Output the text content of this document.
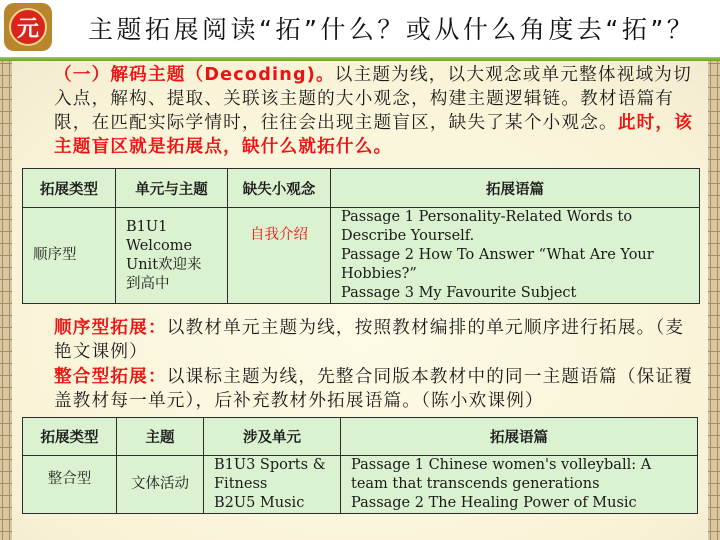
元	主题拓展阅读“拓”什么？或从什么角度去“拓”？
（一）解码主题（Decoding)。以主题为线，以大观念或单元整体视域为切入点，解构、提取、关联该主题的大小观念，构建主题逻辑链。教材语篇有限，在匹配实际学情时，往往会出现主题盲区，缺失了某个小观念。此时，该主题盲区就是拓展点，缺什么就拓什么。
拓展类型	单元与主题	缺失小观念	拓展语篇
顺序型	B1U1
Welcome
Unit欢迎来
到高中	自我介绍	Passage 1 Personality-Related Words to
Describe Yourself.
Passage 2 How To Answer “What Are Your
Hobbies?”
Passage 3 My Favourite Subject
顺序型拓展：以教材单元主题为线，按照教材编排的单元顺序进行拓展。（麦艳文课例）
整合型拓展：以课标主题为线，先整合同版本教材中的同一主题语篇（保证覆盖教材每一单元），后补充教材外拓展语篇。（陈小欢课例）
拓展类型	主题	涉及单元	拓展语篇
整合型	文体活动	B1U3 Sports &
Fitness
B2U5 Music	Passage 1 Chinese women's volleyball: A
team that transcends generations
Passage 2 The Healing Power of Music
